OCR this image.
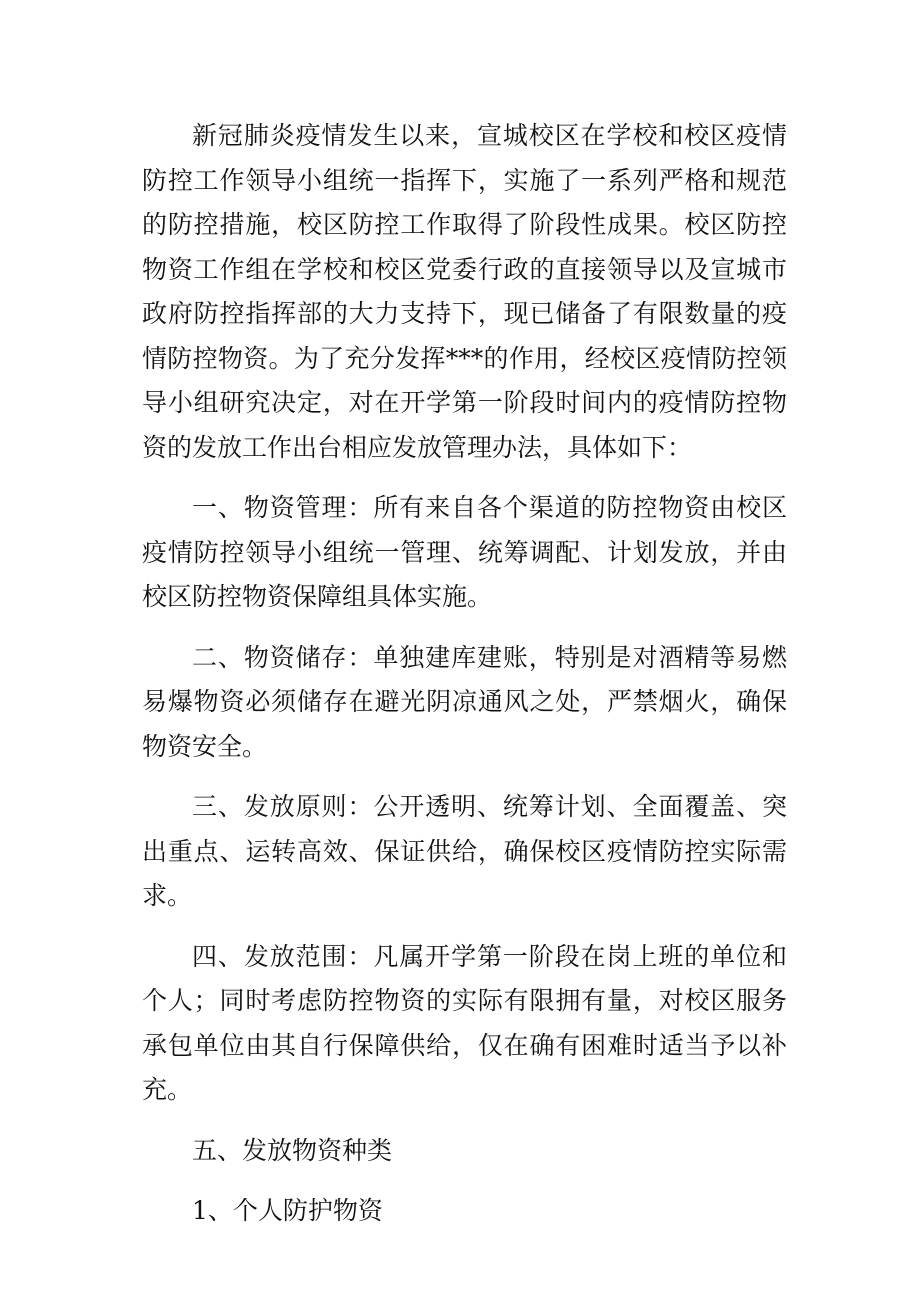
新冠肺炎疫情发生以来，宣城校区在学校和校区疫情防控工作领导小组统一指挥下，实施了一系列严格和规范的防控措施，校区防控工作取得了阶段性成果。校区防控物资工作组在学校和校区党委行政的直接领导以及宣城市政府防控指挥部的大力支持下，现已储备了有限数量的疫情防控物资。为了充分发挥***的作用，经校区疫情防控领导小组研究决定，对在开学第一阶段时间内的疫情防控物资的发放工作出台相应发放管理办法，具体如下：

一、物资管理：所有来自各个渠道的防控物资由校区疫情防控领导小组统一管理、统筹调配、计划发放，并由校区防控物资保障组具体实施。

二、物资储存：单独建库建账，特别是对酒精等易燃易爆物资必须储存在避光阴凉通风之处，严禁烟火，确保物资安全。

三、发放原则：公开透明、统筹计划、全面覆盖、突出重点、运转高效、保证供给，确保校区疫情防控实际需求。

四、发放范围：凡属开学第一阶段在岗上班的单位和个人；同时考虑防控物资的实际有限拥有量，对校区服务承包单位由其自行保障供给，仅在确有困难时适当予以补充。

五、发放物资种类

1、个人防护物资
